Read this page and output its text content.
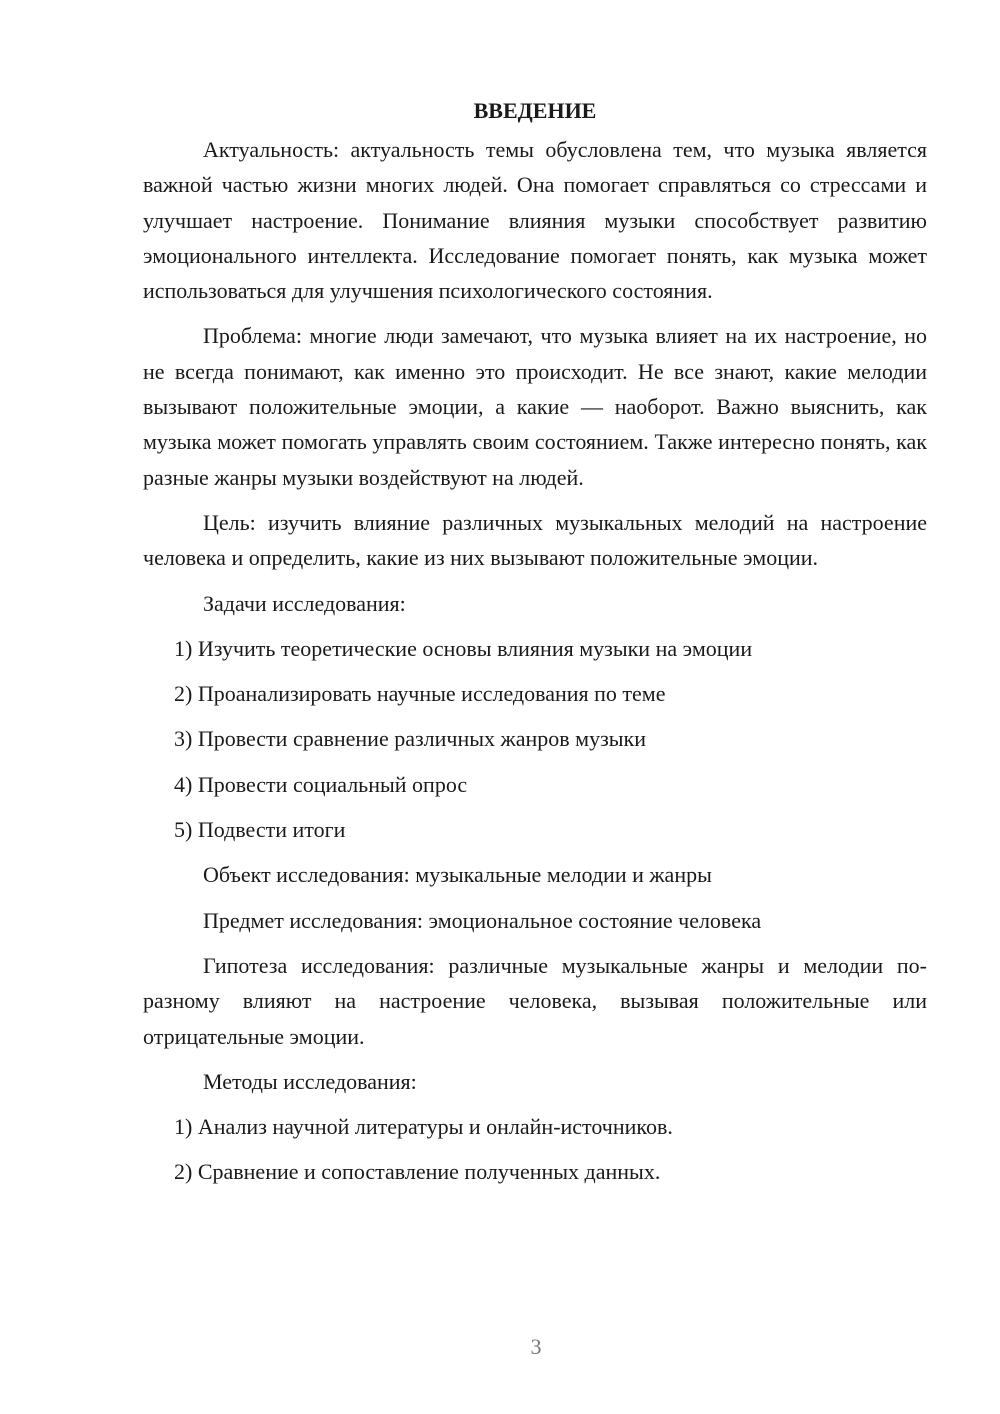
ВВЕДЕНИЕ

Актуальность: актуальность темы обусловлена тем, что музыка является важной частью жизни многих людей. Она помогает справляться со стрессами и улучшает настроение. Понимание влияния музыки способствует развитию эмоционального интеллекта. Исследование помогает понять, как музыка может использоваться для улучшения психологического состояния.

Проблема: многие люди замечают, что музыка влияет на их настроение, но не всегда понимают, как именно это происходит. Не все знают, какие мелодии вызывают положительные эмоции, а какие — наоборот. Важно выяснить, как музыка может помогать управлять своим состоянием. Также интересно понять, как разные жанры музыки воздействуют на людей.

Цель: изучить влияние различных музыкальных мелодий на настроение человека и определить, какие из них вызывают положительные эмоции.

Задачи исследования:

1) Изучить теоретические основы влияния музыки на эмоции

2) Проанализировать научные исследования по теме

3) Провести сравнение различных жанров музыки

4) Провести социальный опрос

5) Подвести итоги

Объект исследования: музыкальные мелодии и жанры

Предмет исследования: эмоциональное состояние человека

Гипотеза исследования: различные музыкальные жанры и мелодии по-разному влияют на настроение человека, вызывая положительные или отрицательные эмоции.

Методы исследования:

1) Анализ научной литературы и онлайн-источников.

2) Сравнение и сопоставление полученных данных.

3
